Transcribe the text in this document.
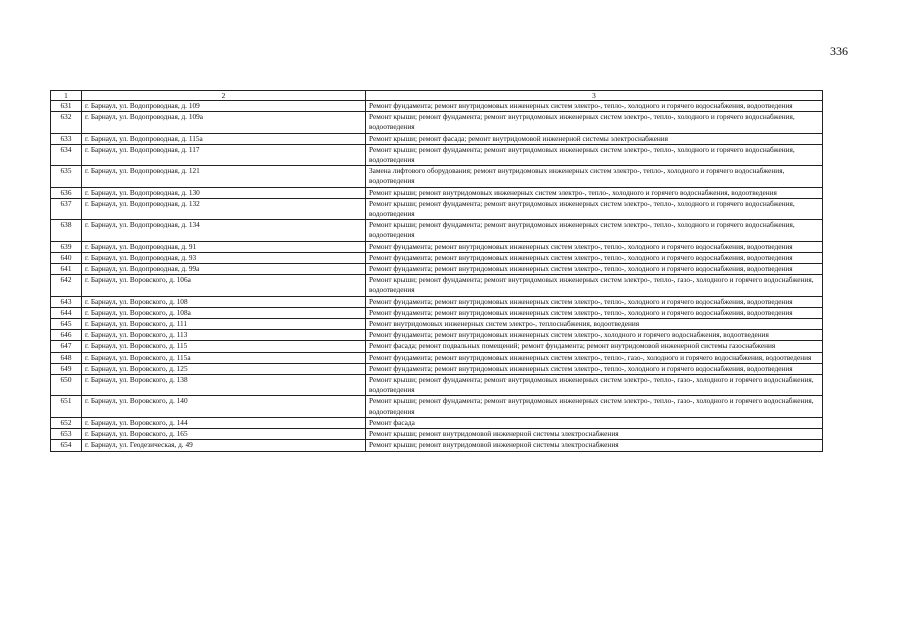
336
1	2	3
631	г. Барнаул, ул. Водопроводная, д. 109	Ремонт фундамента; ремонт внутридомовых инженерных систем электро-, тепло-, холодного и горячего водоснабжения, водоотведения
632	г. Барнаул, ул. Водопроводная, д. 109а	Ремонт крыши; ремонт фундамента; ремонт внутридомовых инженерных систем электро-, тепло-, холодного и горячего водоснабжения, водоотведения
633	г. Барнаул, ул. Водопроводная, д. 115а	Ремонт крыши; ремонт фасада; ремонт внутридомовой инженерной системы электроснабжения
634	г. Барнаул, ул. Водопроводная, д. 117	Ремонт крыши; ремонт фундамента; ремонт внутридомовых инженерных систем электро-, тепло-, холодного и горячего водоснабжения, водоотведения
635	г. Барнаул, ул. Водопроводная, д. 121	Замена лифтового оборудования; ремонт внутридомовых инженерных систем электро-, тепло-, холодного и горячего водоснабжения, водоотведения
636	г. Барнаул, ул. Водопроводная, д. 130	Ремонт крыши; ремонт внутридомовых инженерных систем электро-, тепло-, холодного и горячего водоснабжения, водоотведения
637	г. Барнаул, ул. Водопроводная, д. 132	Ремонт крыши; ремонт фундамента; ремонт внутридомовых инженерных систем электро-, тепло-, холодного и горячего водоснабжения, водоотведения
638	г. Барнаул, ул. Водопроводная, д. 134	Ремонт крыши; ремонт фундамента; ремонт внутридомовых инженерных систем электро-, тепло-, холодного и горячего водоснабжения, водоотведения
639	г. Барнаул, ул. Водопроводная, д. 91	Ремонт фундамента; ремонт внутридомовых инженерных систем электро-, тепло-, холодного и горячего водоснабжения, водоотведения
640	г. Барнаул, ул. Водопроводная, д. 93	Ремонт фундамента; ремонт внутридомовых инженерных систем электро-, тепло-, холодного и горячего водоснабжения, водоотведения
641	г. Барнаул, ул. Водопроводная, д. 99а	Ремонт фундамента; ремонт внутридомовых инженерных систем электро-, тепло-, холодного и горячего водоснабжения, водоотведения
642	г. Барнаул, ул. Воровского, д. 106а	Ремонт крыши; ремонт фундамента; ремонт внутридомовых инженерных систем электро-, тепло-, газо-, холодного и горячего водоснабжения, водоотведения
643	г. Барнаул, ул. Воровского, д. 108	Ремонт фундамента; ремонт внутридомовых инженерных систем электро-, тепло-, холодного и горячего водоснабжения, водоотведения
644	г. Барнаул, ул. Воровского, д. 108а	Ремонт фундамента; ремонт внутридомовых инженерных систем электро-, тепло-, холодного и горячего водоснабжения, водоотведения
645	г. Барнаул, ул. Воровского, д. 111	Ремонт внутридомовых инженерных систем электро-, теплоснабжения, водоотведения
646	г. Барнаул, ул. Воровского, д. 113	Ремонт фундамента; ремонт внутридомовых инженерных систем электро-, холодного и горячего водоснабжения, водоотведения
647	г. Барнаул, ул. Воровского, д. 115	Ремонт фасада; ремонт подвальных помещений; ремонт фундамента; ремонт внутридомовой инженерной системы газоснабжения
648	г. Барнаул, ул. Воровского, д. 115а	Ремонт фундамента; ремонт внутридомовых инженерных систем электро-, тепло-, газо-, холодного и горячего водоснабжения, водоотведения
649	г. Барнаул, ул. Воровского, д. 125	Ремонт фундамента; ремонт внутридомовых инженерных систем электро-, тепло-, холодного и горячего водоснабжения, водоотведения
650	г. Барнаул, ул. Воровского, д. 138	Ремонт крыши; ремонт фундамента; ремонт внутридомовых инженерных систем электро-, тепло-, газо-, холодного и горячего водоснабжения, водоотведения
651	г. Барнаул, ул. Воровского, д. 140	Ремонт крыши; ремонт фундамента; ремонт внутридомовых инженерных систем электро-, тепло-, газо-, холодного и горячего водоснабжения, водоотведения
652	г. Барнаул, ул. Воровского, д. 144	Ремонт фасада
653	г. Барнаул, ул. Воровского, д. 165	Ремонт крыши; ремонт внутридомовой инженерной системы электроснабжения
654	г. Барнаул, ул. Геодезическая, д. 49	Ремонт крыши; ремонт внутридомовой инженерной системы электроснабжения
